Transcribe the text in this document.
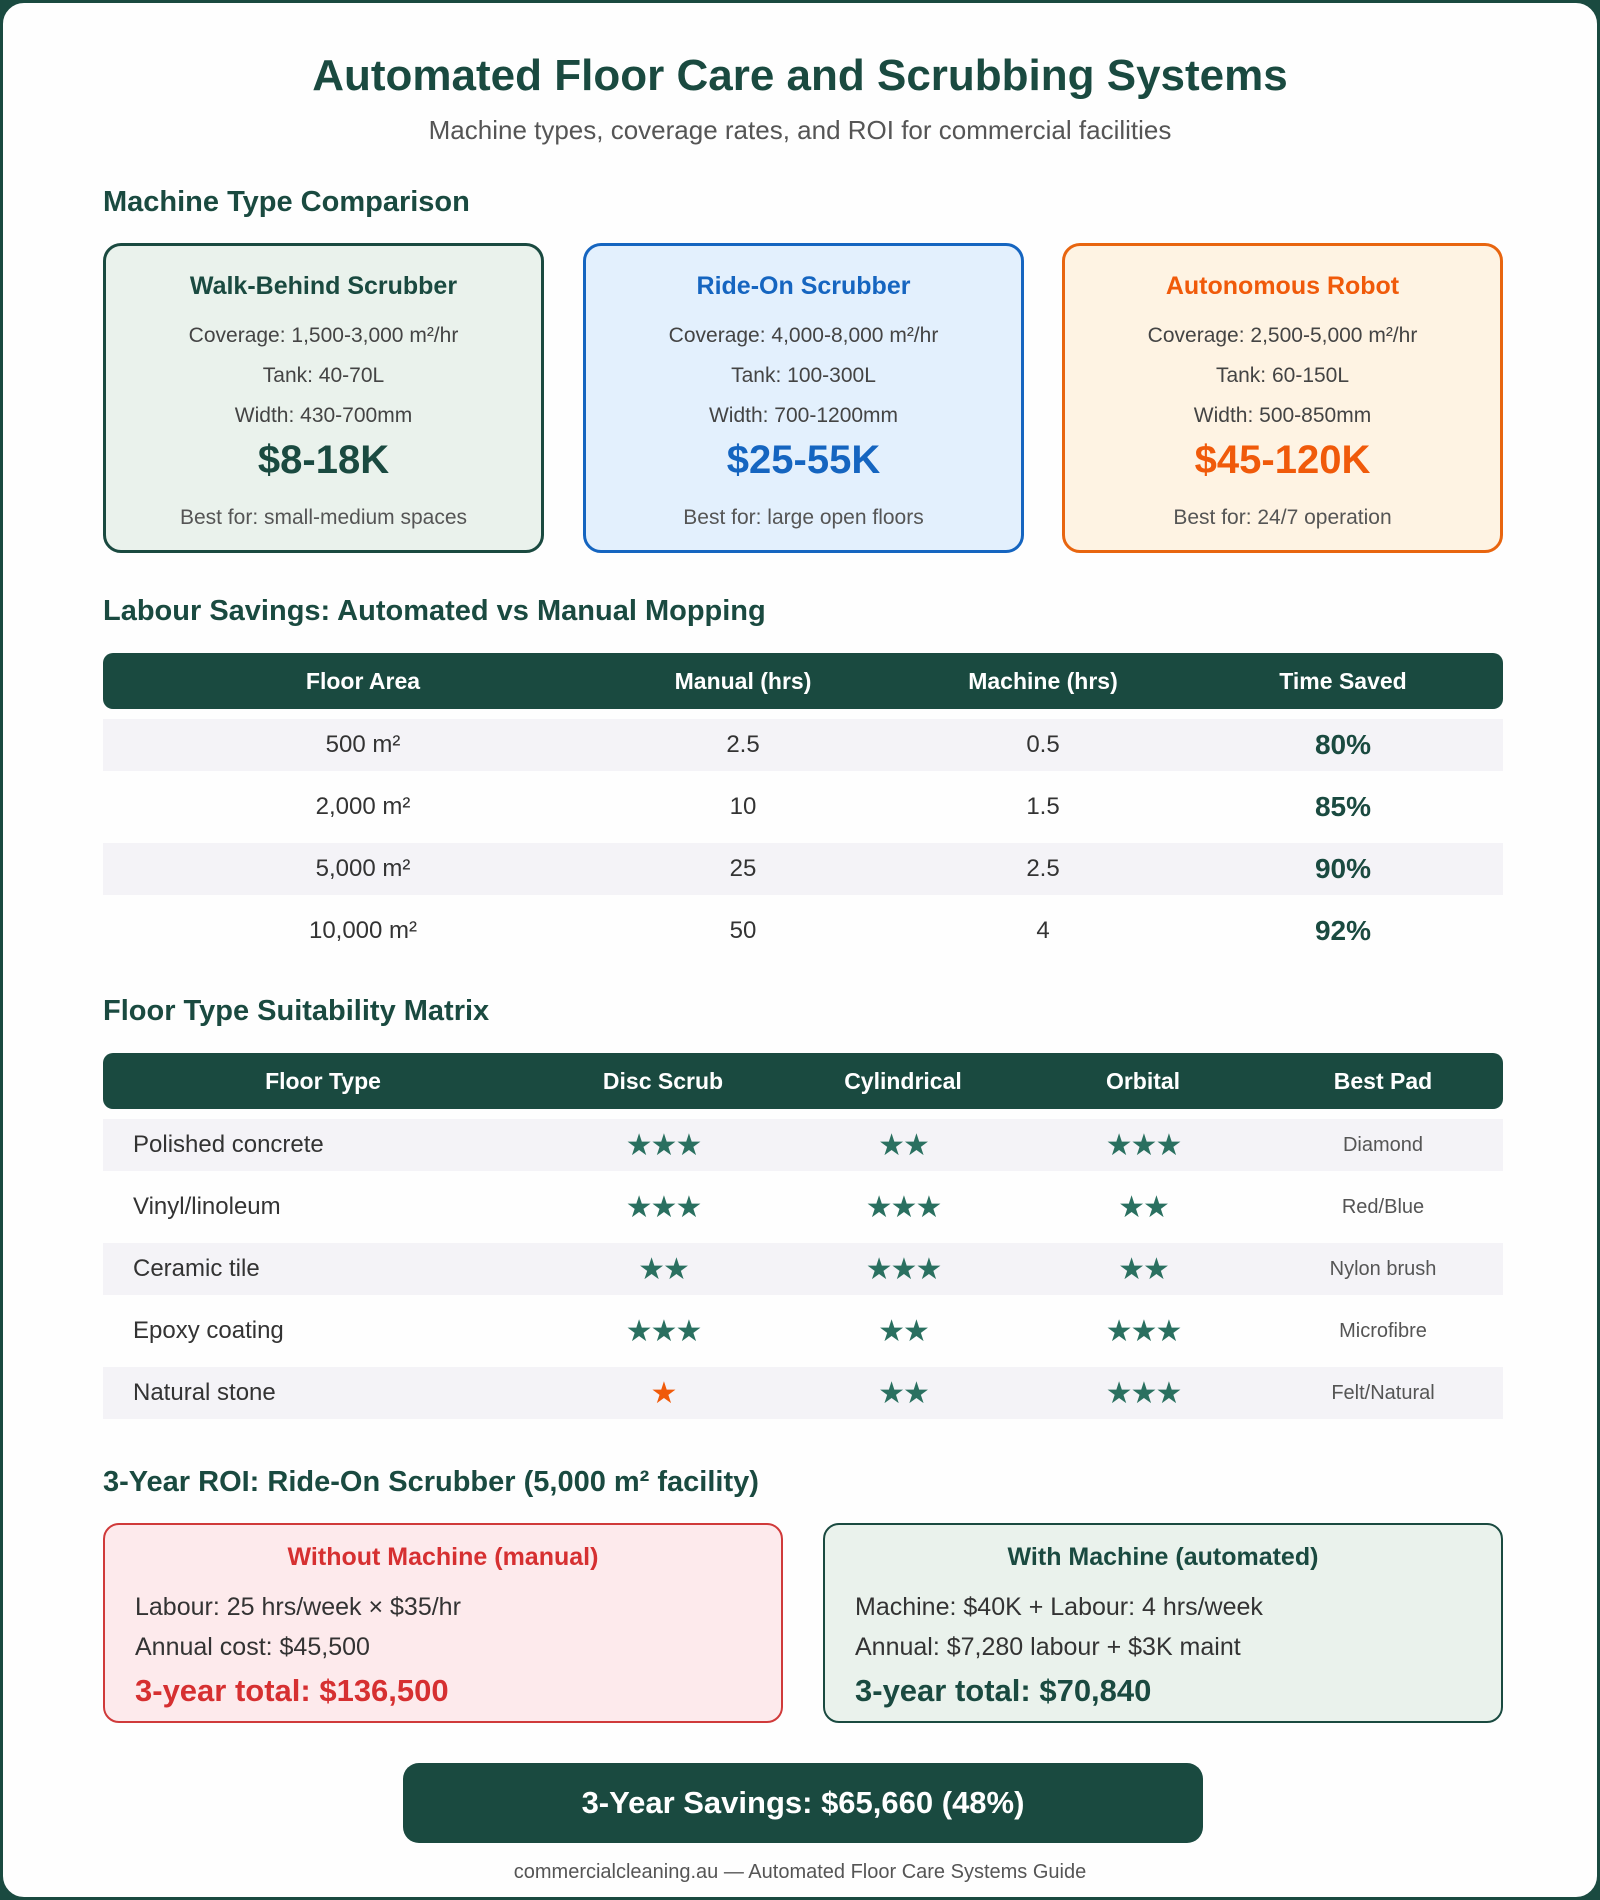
Automated Floor Care and Scrubbing Systems
Machine types, coverage rates, and ROI for commercial facilities
Machine Type Comparison
Walk-Behind Scrubber
Coverage: 1,500-3,000 m²/hr
Tank: 40-70L
Width: 430-700mm
$8-18K
Best for: small-medium spaces
Ride-On Scrubber
Coverage: 4,000-8,000 m²/hr
Tank: 100-300L
Width: 700-1200mm
$25-55K
Best for: large open floors
Autonomous Robot
Coverage: 2,500-5,000 m²/hr
Tank: 60-150L
Width: 500-850mm
$45-120K
Best for: 24/7 operation
Labour Savings: Automated vs Manual Mopping
Floor Area	Manual (hrs)	Machine (hrs)	Time Saved
500 m²	2.5	0.5	80%
2,000 m²	10	1.5	85%
5,000 m²	25	2.5	90%
10,000 m²	50	4	92%
Floor Type Suitability Matrix
Floor Type	Disc Scrub	Cylindrical	Orbital	Best Pad
Polished concrete	★★★	★★	★★★	Diamond
Vinyl/linoleum	★★★	★★★	★★	Red/Blue
Ceramic tile	★★	★★★	★★	Nylon brush
Epoxy coating	★★★	★★	★★★	Microfibre
Natural stone	★	★★	★★★	Felt/Natural
3-Year ROI: Ride-On Scrubber (5,000 m² facility)
Without Machine (manual)
Labour: 25 hrs/week × $35/hr
Annual cost: $45,500
3-year total: $136,500
With Machine (automated)
Machine: $40K + Labour: 4 hrs/week
Annual: $7,280 labour + $3K maint
3-year total: $70,840
3-Year Savings: $65,660 (48%)
commercialcleaning.au — Automated Floor Care Systems Guide
